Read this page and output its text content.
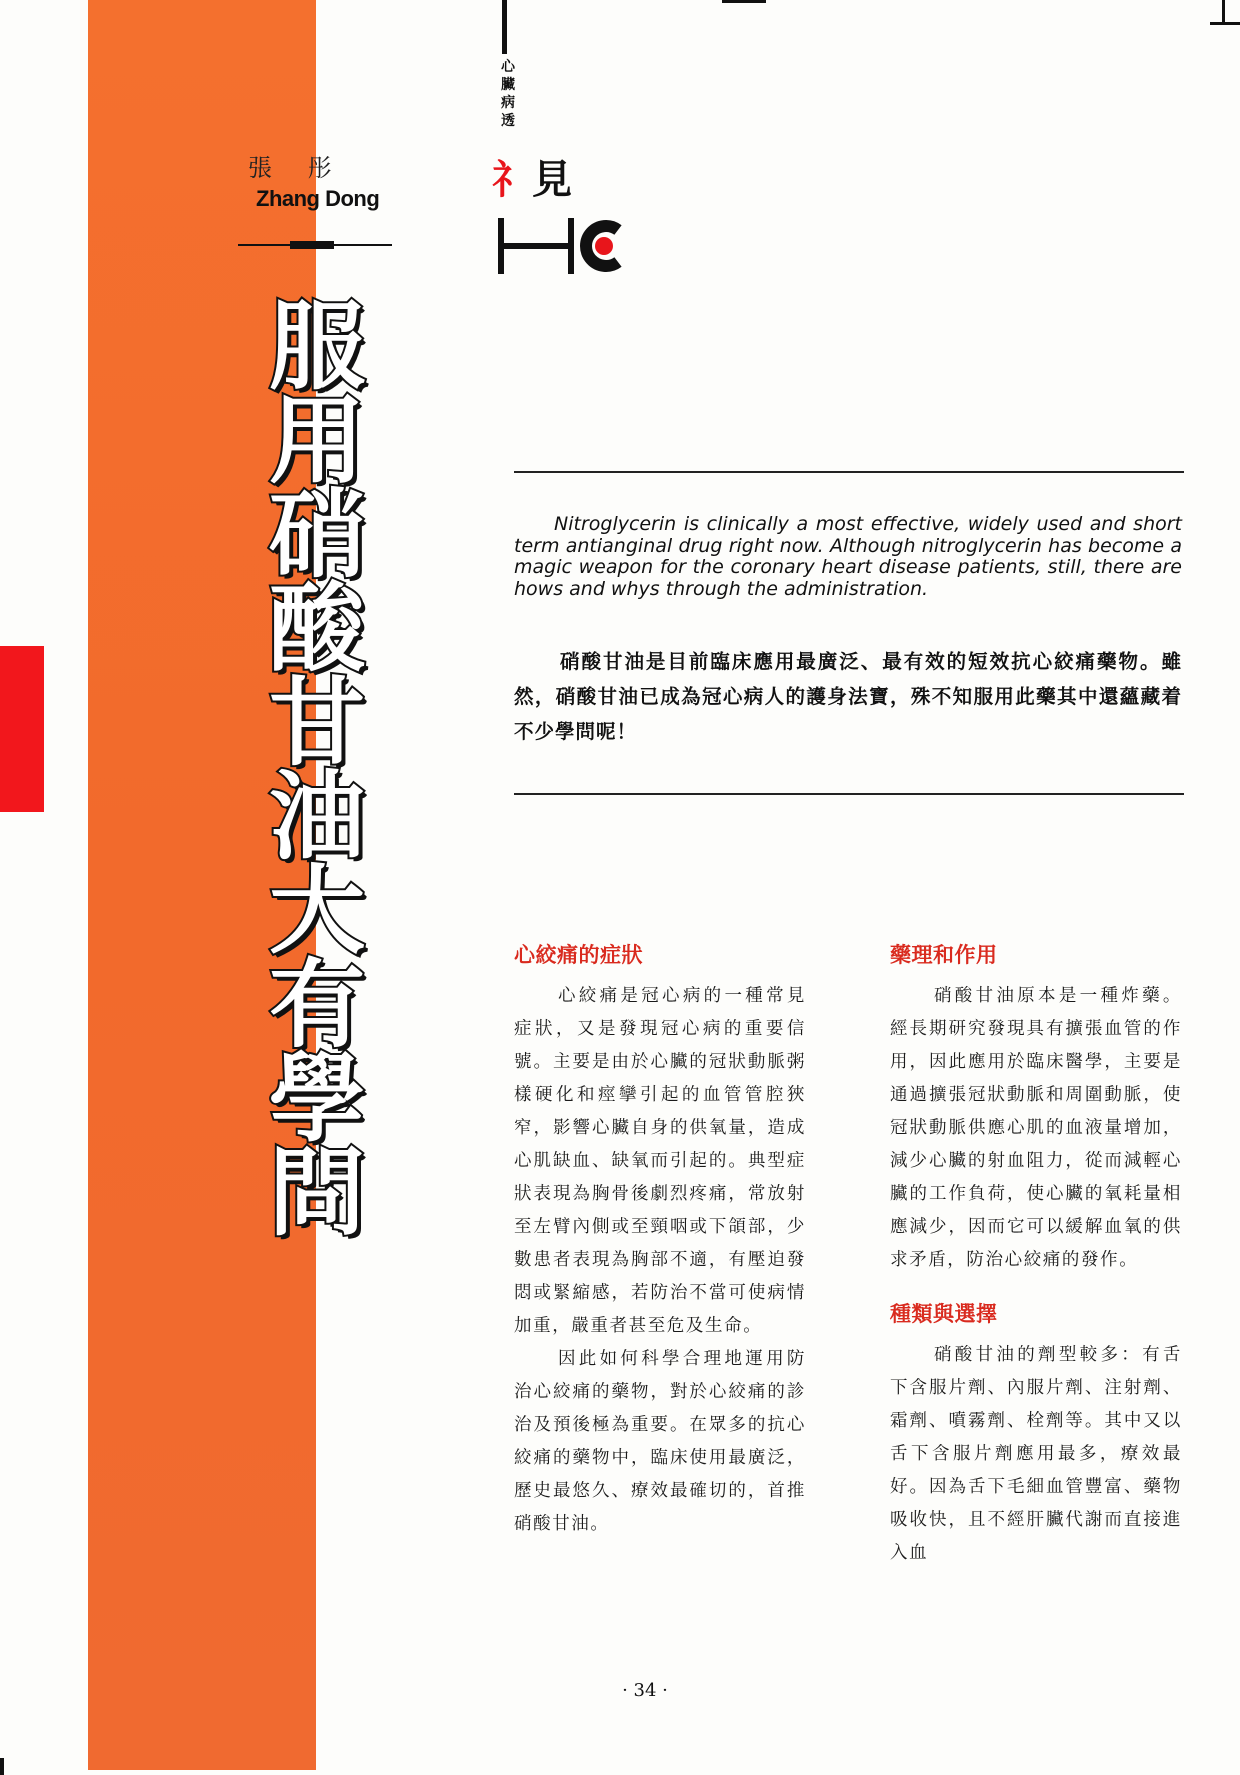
張 彤
Zhang Dong
服
用
硝
酸
甘
油
大
有
學
問
心
臟
病
透
礻見
Nitroglycerin is clinically a most effective, widely used and short term antianginal drug right now. Although nitroglycerin has become a magic weapon for the coronary heart disease patients, still, there are hows and whys through the administration.
硝酸甘油是目前臨床應用最廣泛、最有效的短效抗心絞痛藥物。雖然，硝酸甘油已成為冠心病人的護身法寶，殊不知服用此藥其中還蘊藏着不少學問呢！
心絞痛的症狀

心絞痛是冠心病的一種常見症狀，又是發現冠心病的重要信號。主要是由於心臟的冠狀動脈粥樣硬化和痙攣引起的血管管腔狹窄，影響心臟自身的供氧量，造成心肌缺血、缺氧而引起的。典型症狀表現為胸骨後劇烈疼痛，常放射至左臂內側或至頸咽或下頜部，少數患者表現為胸部不適，有壓迫發悶或緊縮感，若防治不當可使病情加重，嚴重者甚至危及生命。

因此如何科學合理地運用防治心絞痛的藥物，對於心絞痛的診治及預後極為重要。在眾多的抗心絞痛的藥物中，臨床使用最廣泛，歷史最悠久、療效最確切的，首推硝酸甘油。

藥理和作用

硝酸甘油原本是一種炸藥。經長期研究發現具有擴張血管的作用，因此應用於臨床醫學，主要是通過擴張冠狀動脈和周圍動脈，使冠狀動脈供應心肌的血液量增加，減少心臟的射血阻力，從而減輕心臟的工作負荷，使心臟的氧耗量相應減少，因而它可以緩解血氧的供求矛盾，防治心絞痛的發作。

種類與選擇

硝酸甘油的劑型較多：有舌下含服片劑、內服片劑、注射劑、霜劑、噴霧劑、栓劑等。其中又以舌下含服片劑應用最多，療效最好。因為舌下毛細血管豐富、藥物吸收快，且不經肝臟代謝而直接進入血

· 34 ·
